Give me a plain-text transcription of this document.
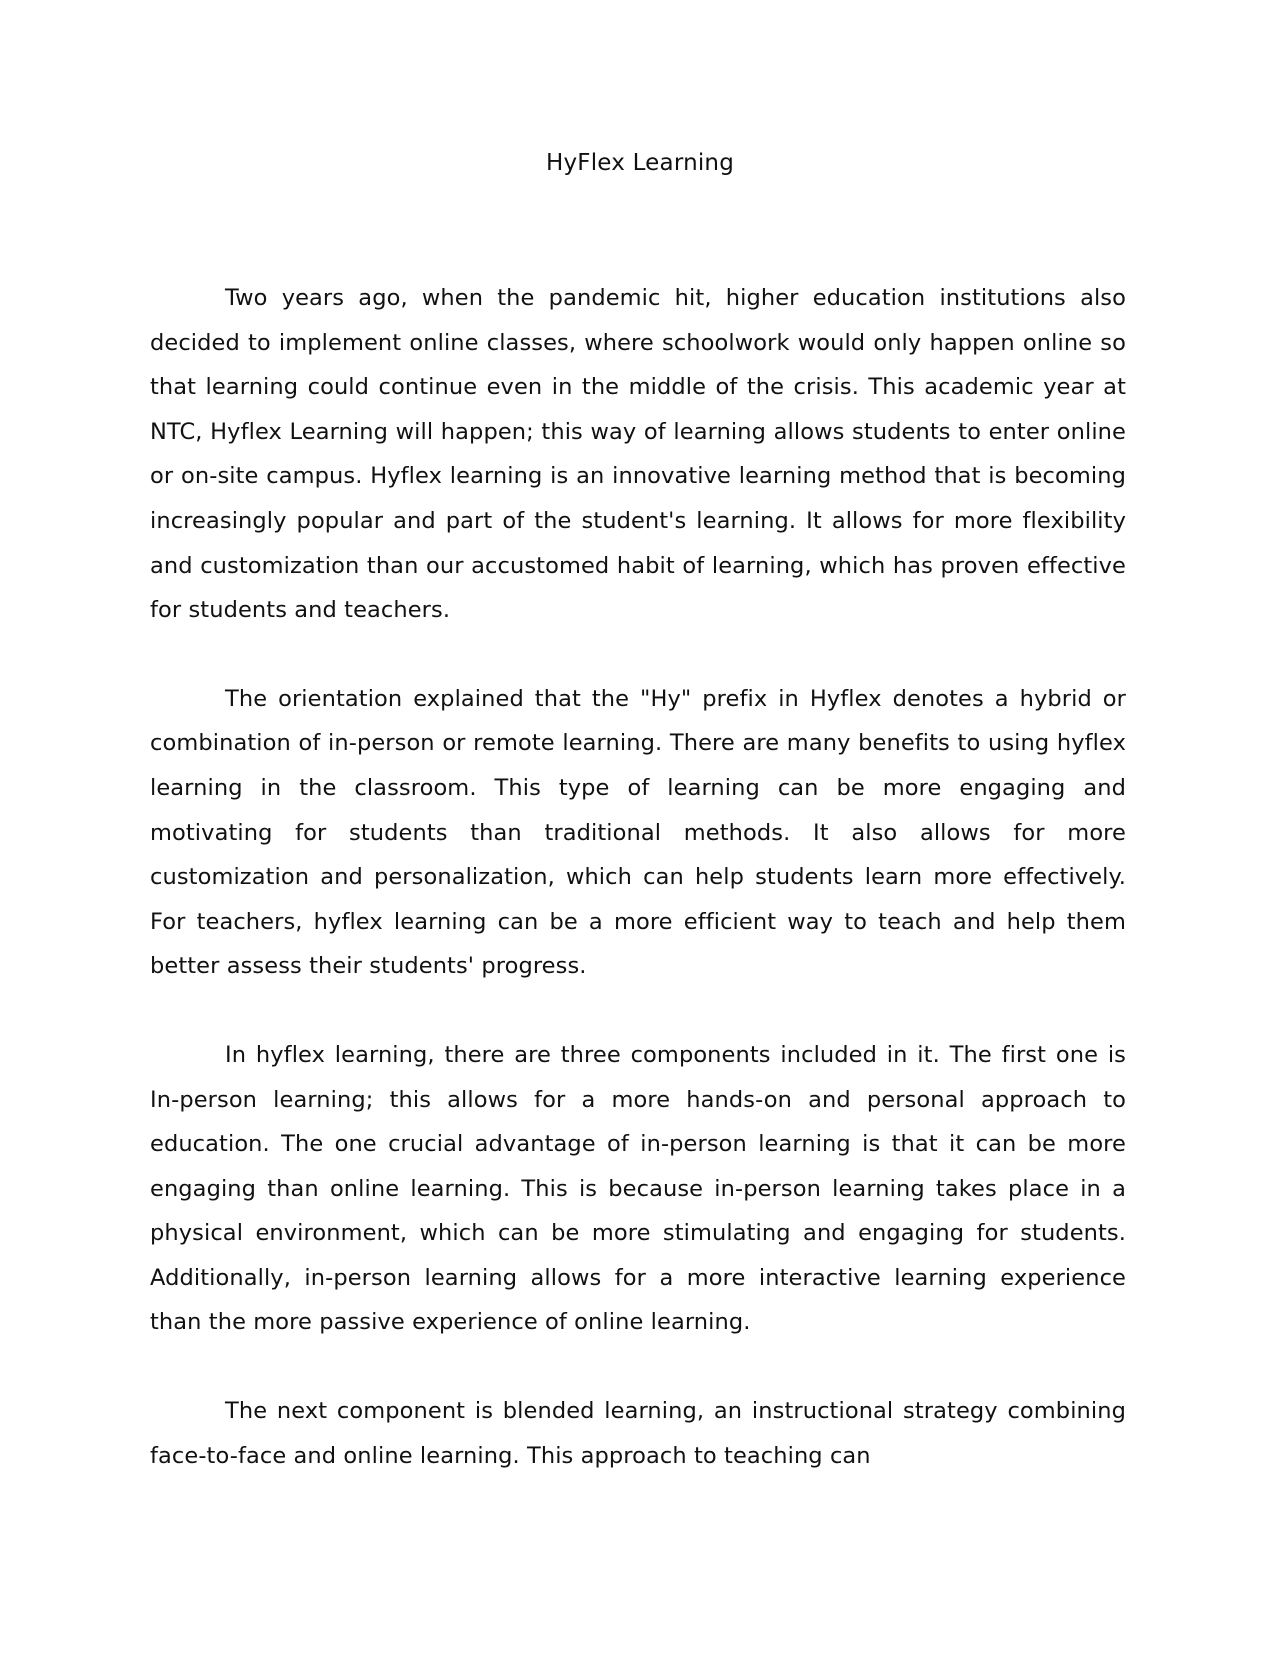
HyFlex Learning

Two years ago, when the pandemic hit, higher education institutions also decided to implement online classes, where schoolwork would only happen online so that learning could continue even in the middle of the crisis. This academic year at NTC, Hyflex Learning will happen; this way of learning allows students to enter online or on-site campus. Hyflex learning is an innovative learning method that is becoming increasingly popular and part of the student's learning. It allows for more flexibility and customization than our accustomed habit of learning, which has proven effective for students and teachers.

The orientation explained that the "Hy" prefix in Hyflex denotes a hybrid or combination of in-person or remote learning. There are many benefits to using hyflex learning in the classroom. This type of learning can be more engaging and motivating for students than traditional methods. It also allows for more customization and personalization, which can help students learn more effectively. For teachers, hyflex learning can be a more efficient way to teach and help them better assess their students' progress.

In hyflex learning, there are three components included in it. The first one is In-person learning; this allows for a more hands-on and personal approach to education. The one crucial advantage of in-person learning is that it can be more engaging than online learning. This is because in-person learning takes place in a physical environment, which can be more stimulating and engaging for students. Additionally, in-person learning allows for a more interactive learning experience than the more passive experience of online learning.

The next component is blended learning, an instructional strategy combining face-to-face and online learning. This approach to teaching can
